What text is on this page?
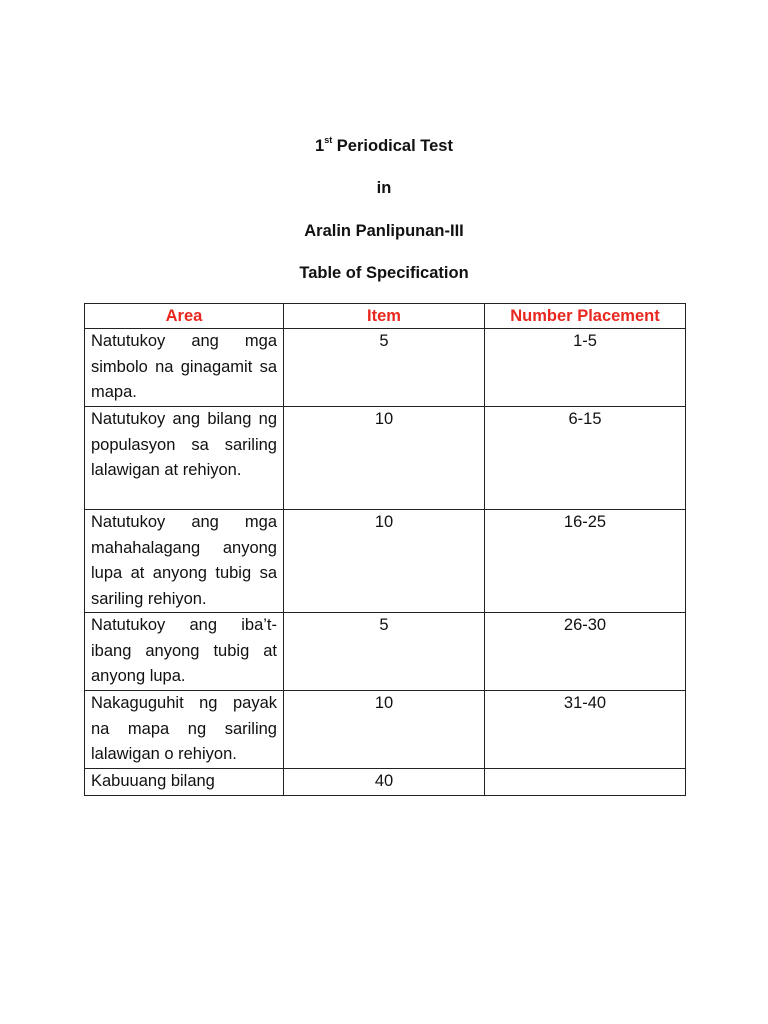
1st Periodical Test

in

Aralin Panlipunan-III

Table of Specification

Area	Item	Number Placement
Natutukoy ang mga simbolo na ginagamit sa mapa.	5	1-5
Natutukoy ang bilang ng populasyon sa sariling lalawigan at rehiyon.	10	6-15
Natutukoy ang mga mahahalagang anyong lupa at anyong tubig sa sariling rehiyon.	10	16-25
Natutukoy ang iba’t-ibang anyong tubig at anyong lupa.	5	26-30
Nakaguguhit ng payak na mapa ng sariling lalawigan o rehiyon.	10	31-40
Kabuuang bilang	40	
